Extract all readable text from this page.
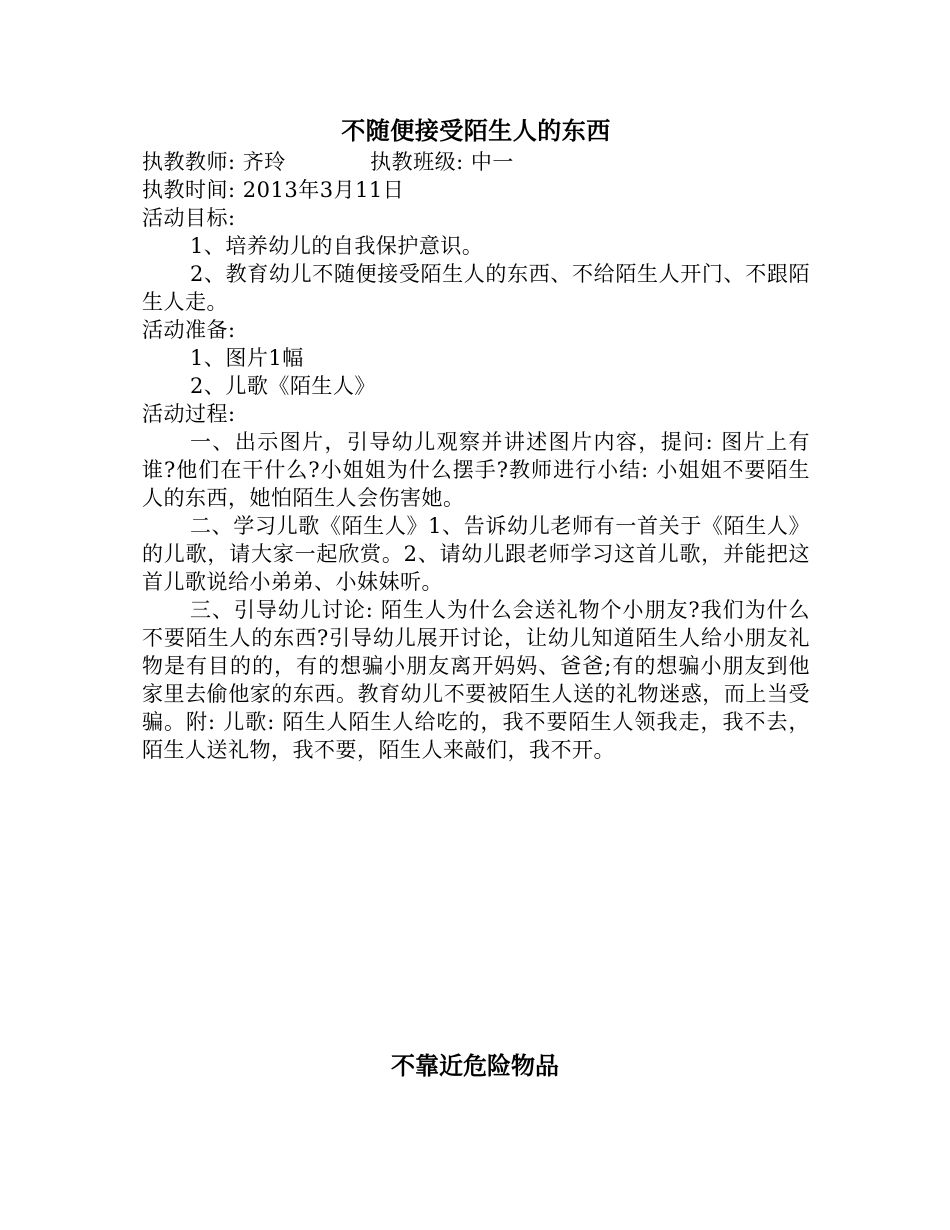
不随便接受陌生人的东西

执教教师: 齐玲	执教班级: 中一

执教时间: 2013年3月11日

活动目标:

1、培养幼儿的自我保护意识。

2、教育幼儿不随便接受陌生人的东西、不给陌生人开门、不跟陌生人走。

活动准备:

1、图片1幅

2、儿歌《陌生人》

活动过程:

一、出示图片，引导幼儿观察并讲述图片内容，提问: 图片上有谁?他们在干什么?小姐姐为什么摆手?教师进行小结: 小姐姐不要陌生人的东西，她怕陌生人会伤害她。

二、学习儿歌《陌生人》1、告诉幼儿老师有一首关于《陌生人》的儿歌，请大家一起欣赏。2、请幼儿跟老师学习这首儿歌，并能把这首儿歌说给小弟弟、小妹妹听。

三、引导幼儿讨论: 陌生人为什么会送礼物个小朋友?我们为什么不要陌生人的东西?引导幼儿展开讨论，让幼儿知道陌生人给小朋友礼物是有目的的，有的想骗小朋友离开妈妈、爸爸;有的想骗小朋友到他家里去偷他家的东西。教育幼儿不要被陌生人送的礼物迷惑，而上当受骗。附: 儿歌: 陌生人陌生人给吃的，我不要陌生人领我走，我不去，陌生人送礼物，我不要，陌生人来敲们，我不开。

不靠近危险物品
